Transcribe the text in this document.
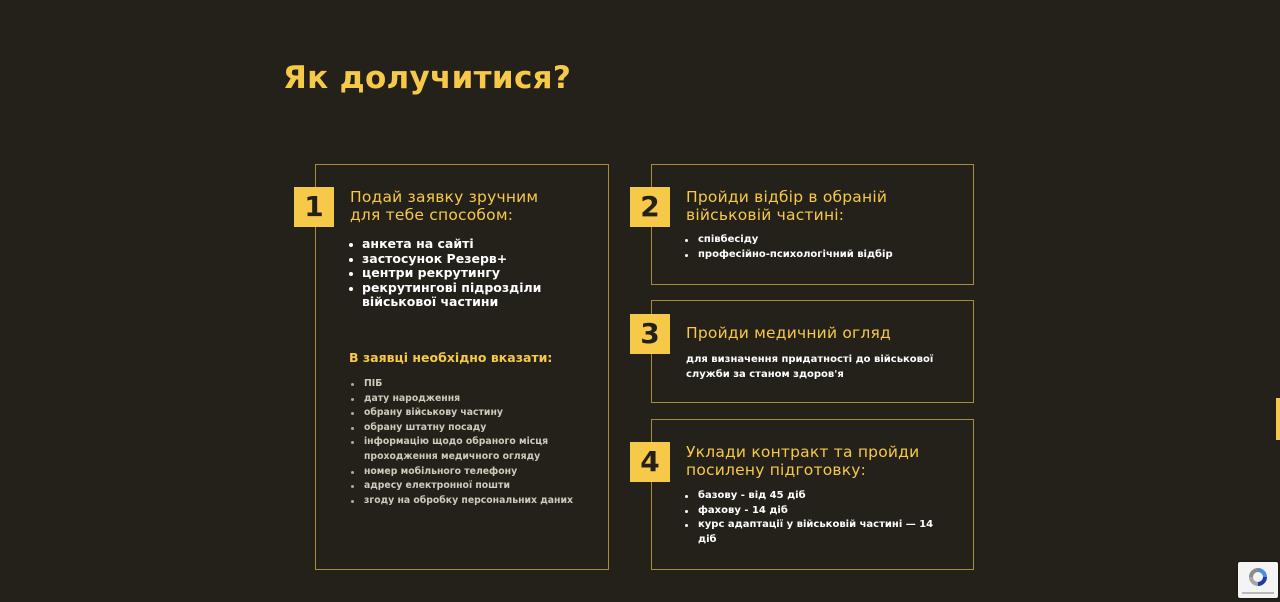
Як долучитися?
1	Подай заявку зручним
для тебе способом:
анкета на сайті
застосунок Резерв+
центри рекрутингу
рекрутингові підрозділи військової частини
В заявці необхідно вказати:
ПІБ
дату народження
обрану військову частину
обрану штатну посаду
інформацію щодо обраного місця проходження медичного огляду
номер мобільного телефону
адресу електронної пошти
згоду на обробку персональних даних
2	Пройди відбір в обраній
військовій частині:
співбесіду
професійно-психологічний відбір
3	Пройди медичний огляд

для визначення придатності до військової служби за станом здоров'я

4	Уклади контракт та пройди
посилену підготовку:
базову - від 45 діб
фахову - 14 діб
курс адаптації у військовій частині — 14 діб
